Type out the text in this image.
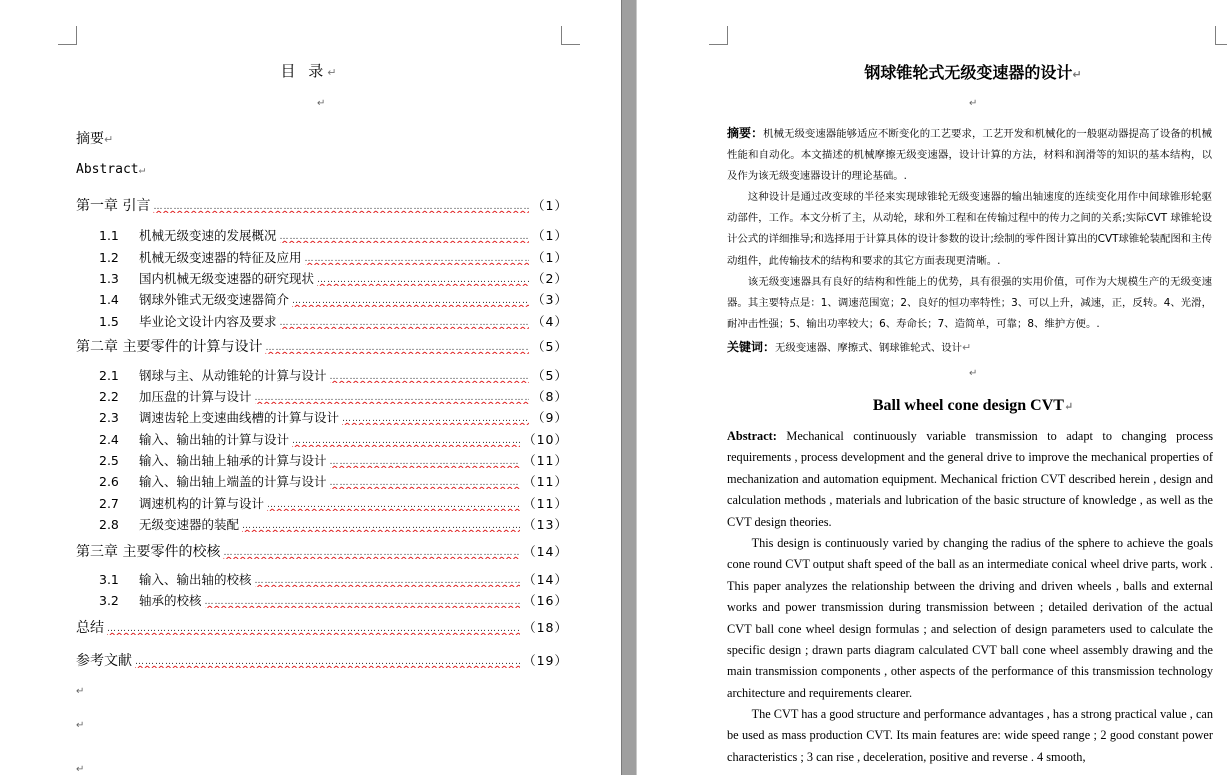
目 录↵
↵
摘要↵
Abstract↵
第一章 引言 …………………………………………………………………………………………………………………………………………………………………………………………………………	（1）
1.1	机械无级变速的发展概况 …………………………………………………………………………………………………………………………………………………………………………………………………………	（1）
1.2	机械无级变速器的特征及应用 …………………………………………………………………………………………………………………………………………………………………………………………………………	（1）
1.3	国内机械无级变速器的研究现状 …………………………………………………………………………………………………………………………………………………………………………………………………………	（2）
1.4	钢球外锥式无级变速器简介 …………………………………………………………………………………………………………………………………………………………………………………………………………	（3）
1.5	毕业论文设计内容及要求 …………………………………………………………………………………………………………………………………………………………………………………………………………	（4）
第二章 主要零件的计算与设计 …………………………………………………………………………………………………………………………………………………………………………………………………………	（5）
2.1	钢球与主、从动锥轮的计算与设计 …………………………………………………………………………………………………………………………………………………………………………………………………………	（5）
2.2	加压盘的计算与设计 …………………………………………………………………………………………………………………………………………………………………………………………………………	（8）
2.3	调速齿轮上变速曲线槽的计算与设计 …………………………………………………………………………………………………………………………………………………………………………………………………………	（9）
2.4	输入、输出轴的计算与设计 …………………………………………………………………………………………………………………………………………………………………………………………………………	（10）
2.5	输入、输出轴上轴承的计算与设计 …………………………………………………………………………………………………………………………………………………………………………………………………………	（11）
2.6	输入、输出轴上端盖的计算与设计 …………………………………………………………………………………………………………………………………………………………………………………………………………	（11）
2.7	调速机构的计算与设计 …………………………………………………………………………………………………………………………………………………………………………………………………………	（11）
2.8	无级变速器的装配 …………………………………………………………………………………………………………………………………………………………………………………………………………	（13）
第三章 主要零件的校核 …………………………………………………………………………………………………………………………………………………………………………………………………………	（14）
3.1	输入、输出轴的校核 …………………………………………………………………………………………………………………………………………………………………………………………………………	（14）
3.2	轴承的校核 …………………………………………………………………………………………………………………………………………………………………………………………………………	（16）
总结 …………………………………………………………………………………………………………………………………………………………………………………………………………	（18）
参考文献 …………………………………………………………………………………………………………………………………………………………………………………………………………	（19）
↵
↵
↵
钢球锥轮式无级变速器的设计↵
↵
摘要：机械无级变速器能够适应不断变化的工艺要求，工艺开发和机械化的一般驱动器提高了设备的机械性能和自动化。本文描述的机械摩擦无级变速器，设计计算的方法，材料和润滑等的知识的基本结构，以及作为该无级变速器设计的理论基础。.
这种设计是通过改变球的半径来实现球锥轮无级变速器的输出轴速度的连续变化用作中间球锥形轮驱动部件，工作。本文分析了主，从动轮，球和外工程和在传输过程中的传力之间的关系;实际CVT 球锥轮设计公式的详细推导;和选择用于计算具体的设计参数的设计;绘制的零件图计算出的CVT球锥轮装配图和主传动组件，此传输技术的结构和要求的其它方面表现更清晰。.
该无级变速器具有良好的结构和性能上的优势，具有很强的实用价值，可作为大规模生产的无级变速器。其主要特点是：1、调速范围宽；2、良好的恒功率特性；3、可以上升，减速，正，反转。4、光滑，耐冲击性强；5、输出功率较大；6、寿命长；7、造简单，可靠；8、维护方便。.
关键词：无级变速器、摩擦式、钢球锥轮式、设计↵
↵
Ball wheel cone design CVT↵
Abstract: Mechanical continuously variable transmission to adapt to changing process requirements , process development and the general drive to improve the mechanical properties of mechanization and automation equipment. Mechanical friction CVT described herein , design and calculation methods , materials and lubrication of the basic structure of knowledge , as well as the CVT design theories.
This design is continuously varied by changing the radius of the sphere to achieve the goals cone round CVT output shaft speed of the ball as an intermediate conical wheel drive parts, work . This paper analyzes the relationship between the driving and driven wheels , balls and external works and power transmission during transmission between ; detailed derivation of the actual CVT ball cone wheel design formulas ; and selection of design parameters used to calculate the specific design ; drawn parts diagram calculated CVT ball cone wheel assembly drawing and the main transmission components , other aspects of the performance of this transmission technology architecture and requirements clearer.
The CVT has a good structure and performance advantages , has a strong practical value , can be used as mass production CVT. Its main features are: wide speed range ; 2 good constant power characteristics ; 3 can rise , deceleration, positive and reverse . 4 smooth,
